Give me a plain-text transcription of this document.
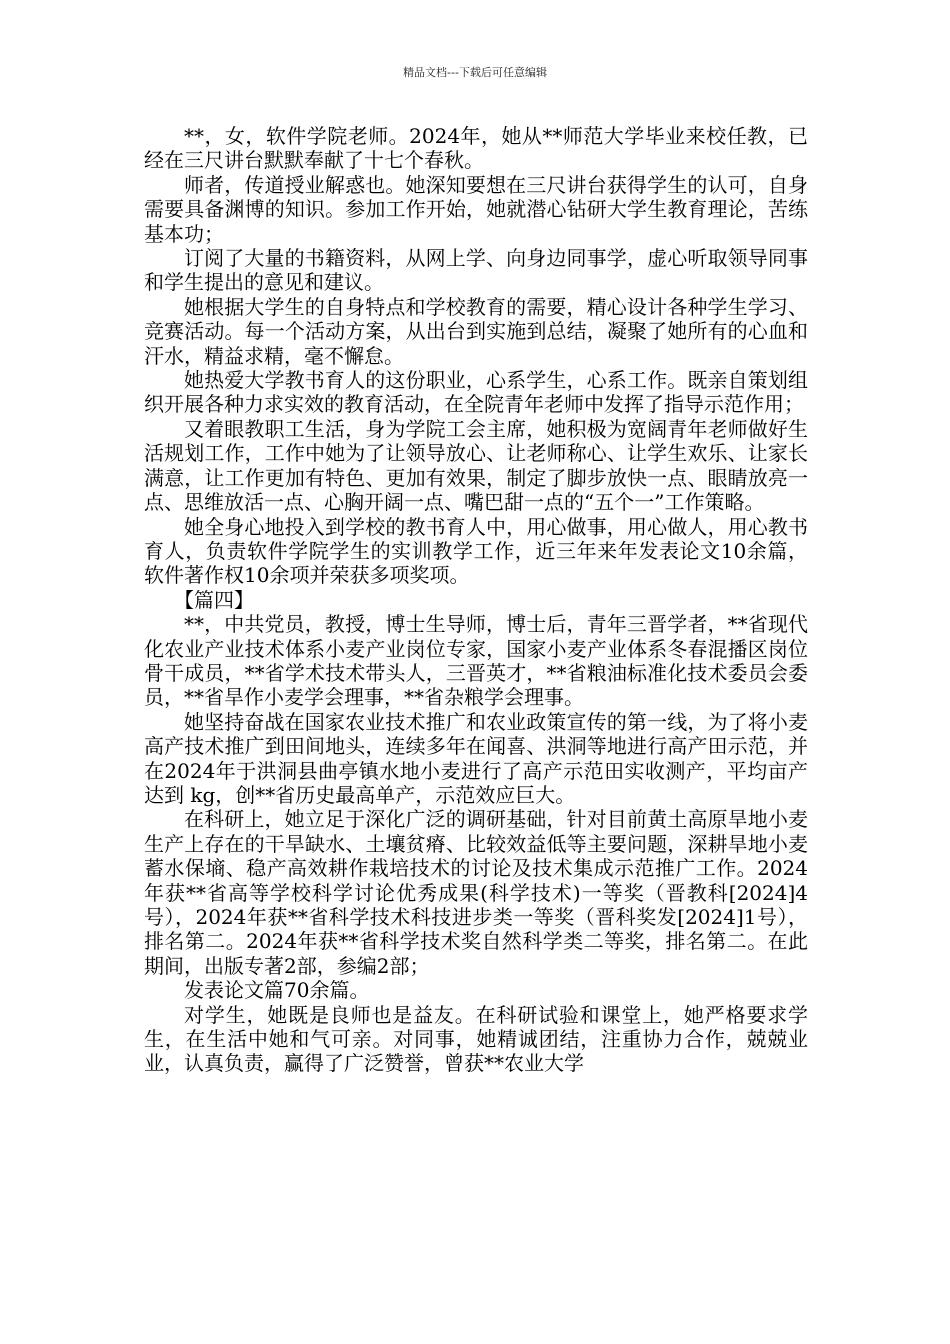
精品文档---下载后可任意编辑

**，女，软件学院老师。2024年，她从**师范大学毕业来校任教，已经在三尺讲台默默奉献了十七个春秋。

师者，传道授业解惑也。她深知要想在三尺讲台获得学生的认可，自身需要具备渊博的知识。参加工作开始，她就潜心钻研大学生教育理论，苦练基本功；

订阅了大量的书籍资料，从网上学、向身边同事学，虚心听取领导同事和学生提出的意见和建议。

她根据大学生的自身特点和学校教育的需要，精心设计各种学生学习、竞赛活动。每一个活动方案，从出台到实施到总结，凝聚了她所有的心血和汗水，精益求精，毫不懈怠。

她热爱大学教书育人的这份职业，心系学生，心系工作。既亲自策划组织开展各种力求实效的教育活动，在全院青年老师中发挥了指导示范作用；

又着眼教职工生活，身为学院工会主席，她积极为宽阔青年老师做好生活规划工作，工作中她为了让领导放心、让老师称心、让学生欢乐、让家长满意，让工作更加有特色、更加有效果，制定了脚步放快一点、眼睛放亮一点、思维放活一点、心胸开阔一点、嘴巴甜一点的“五个一”工作策略。

她全身心地投入到学校的教书育人中，用心做事，用心做人，用心教书育人，负责软件学院学生的实训教学工作，近三年来年发表论文10余篇，软件著作权10余项并荣获多项奖项。

【篇四】

**，中共党员，教授，博士生导师，博士后，青年三晋学者，**省现代化农业产业技术体系小麦产业岗位专家，国家小麦产业体系冬春混播区岗位骨干成员，**省学术技术带头人，三晋英才，**省粮油标准化技术委员会委员，**省旱作小麦学会理事，**省杂粮学会理事。

她坚持奋战在国家农业技术推广和农业政策宣传的第一线，为了将小麦高产技术推广到田间地头，连续多年在闻喜、洪洞等地进行高产田示范，并在2024年于洪洞县曲亭镇水地小麦进行了高产示范田实收测产，平均亩产达到 kg，创**省历史最高单产，示范效应巨大。

在科研上，她立足于深化广泛的调研基础，针对目前黄土高原旱地小麦生产上存在的干旱缺水、土壤贫瘠、比较效益低等主要问题，深耕旱地小麦蓄水保墒、稳产高效耕作栽培技术的讨论及技术集成示范推广工作。2024年获**省高等学校科学讨论优秀成果(科学技术)一等奖（晋教科[2024]4号），2024年获**省科学技术科技进步类一等奖（晋科奖发[2024]1号），排名第二。2024年获**省科学技术奖自然科学类二等奖，排名第二。在此期间，出版专著2部，参编2部；

发表论文篇70余篇。

对学生，她既是良师也是益友。在科研试验和课堂上，她严格要求学生，在生活中她和气可亲。对同事，她精诚团结，注重协力合作，兢兢业业，认真负责，赢得了广泛赞誉，曾获**农业大学
